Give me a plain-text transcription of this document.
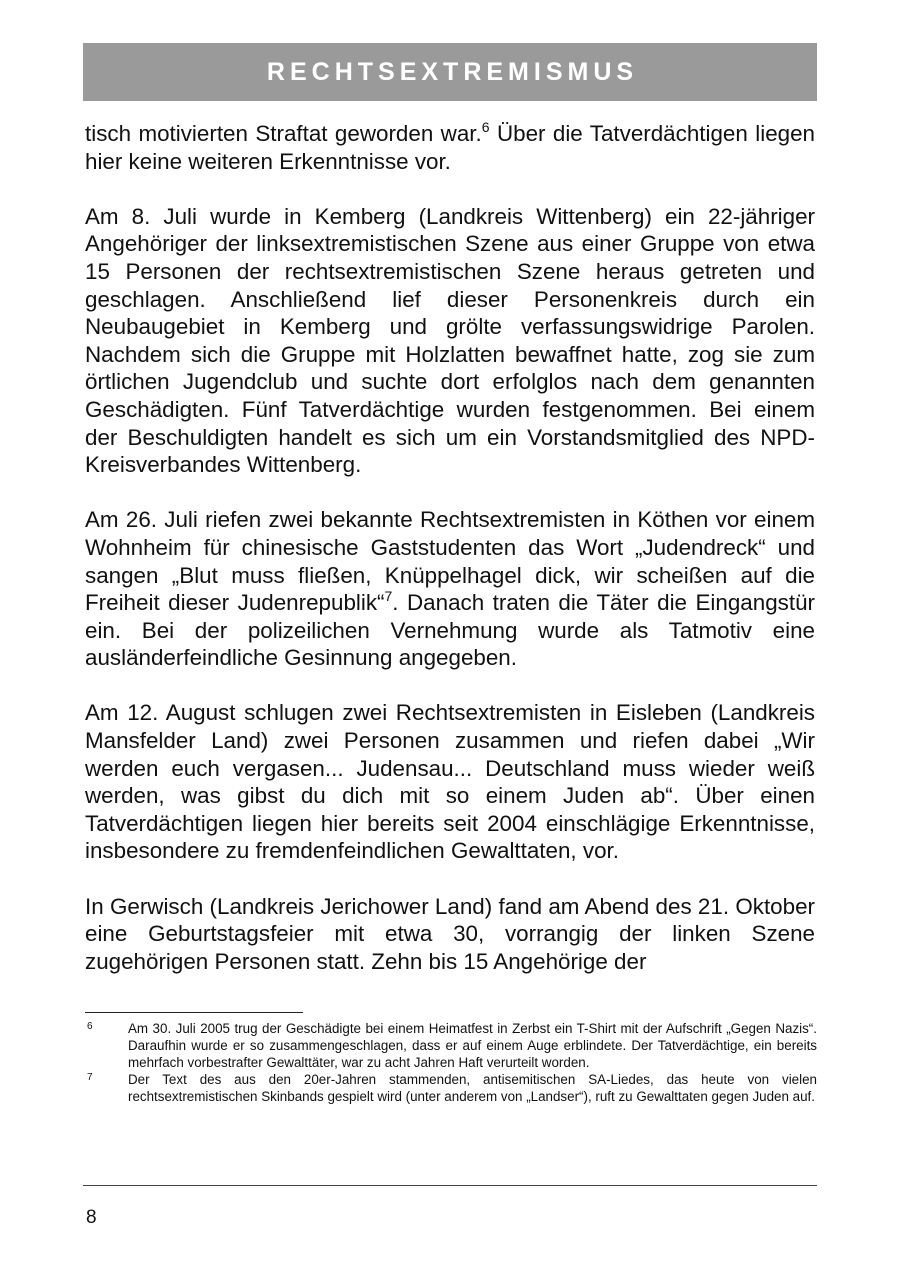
RECHTSEXTREMISMUS

tisch motivierten Straftat geworden war.$^6$ Über die Tatverdächtigen liegen hier keine weiteren Erkenntnisse vor.

Am 8. Juli wurde in Kemberg (Landkreis Wittenberg) ein 22-jähriger Angehöriger der linksextremistischen Szene aus einer Gruppe von etwa 15 Personen der rechtsextremistischen Szene heraus getreten und geschlagen. Anschließend lief dieser Personenkreis durch ein Neubaugebiet in Kemberg und grölte verfassungswidrige Parolen. Nachdem sich die Gruppe mit Holzlatten bewaffnet hatte, zog sie zum örtlichen Jugendclub und suchte dort erfolglos nach dem genannten Geschädigten. Fünf Tatverdächtige wurden festgenommen. Bei einem der Beschuldigten handelt es sich um ein Vorstandsmitglied des NPD-Kreisverbandes Wittenberg.

Am 26. Juli riefen zwei bekannte Rechtsextremisten in Köthen vor einem Wohnheim für chinesische Gaststudenten das Wort „Judendreck“ und sangen „Blut muss fließen, Knüppelhagel dick, wir scheißen auf die Freiheit dieser Judenrepublik“$^7$. Danach traten die Täter die Eingangstür ein. Bei der polizeilichen Vernehmung wurde als Tatmotiv eine ausländerfeindliche Gesinnung angegeben.

Am 12. August schlugen zwei Rechtsextremisten in Eisleben (Landkreis Mansfelder Land) zwei Personen zusammen und riefen dabei „Wir werden euch vergasen... Judensau... Deutschland muss wieder weiß werden, was gibst du dich mit so einem Juden ab“. Über einen Tatverdächtigen liegen hier bereits seit 2004 einschlägige Erkenntnisse, insbesondere zu fremdenfeindlichen Gewalttaten, vor.

In Gerwisch (Landkreis Jerichower Land) fand am Abend des 21. Oktober eine Geburtstagsfeier mit etwa 30, vorrangig der linken Szene zugehörigen Personen statt. Zehn bis 15 Angehörige der

6	Am 30. Juli 2005 trug der Geschädigte bei einem Heimatfest in Zerbst ein T-Shirt mit der Aufschrift „Gegen Nazis“. Daraufhin wurde er so zusammengeschlagen, dass er auf einem Auge erblindete. Der Tatverdächtige, ein bereits mehrfach vorbestrafter Gewalttäter, war zu acht Jahren Haft verurteilt worden.

7	Der Text des aus den 20er-Jahren stammenden, antisemitischen SA-Liedes, das heute von vielen rechtsextremistischen Skinbands gespielt wird (unter anderem von „Landser“), ruft zu Gewalttaten gegen Juden auf.

8
